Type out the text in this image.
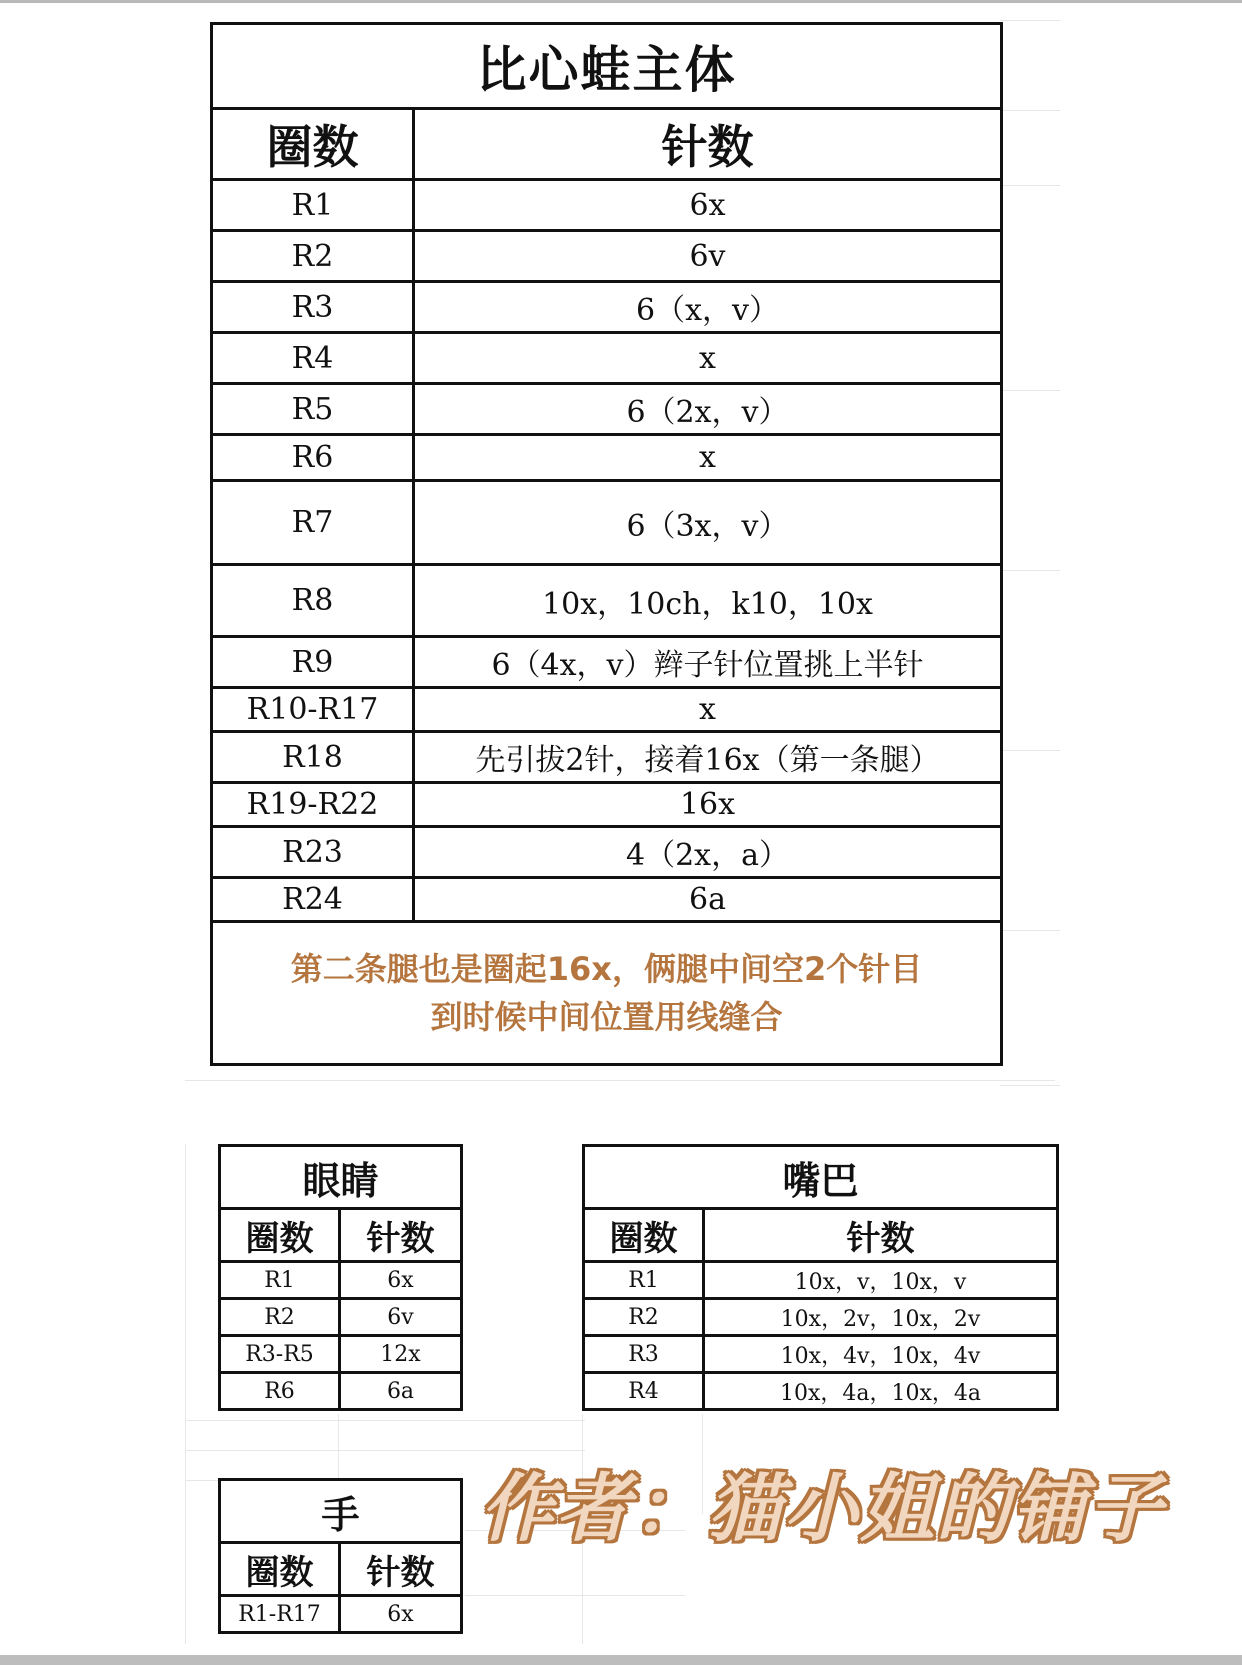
比心蛙主体	
圈数	针数
R1	6x
R2	6v
R3	6（x，v）
R4	x
R5	6（2x，v）
R6	x
R7	6（3x，v）
R8	10x，10ch，k10，10x
R9	6（4x，v）辫子针位置挑上半针
R10-R17	x
R18	先引拔2针，接着16x（第一条腿）
R19-R22	16x
R23	4（2x，a）
R24	6a

第二条腿也是圈起16x，俩腿中间空2个针目
到时候中间位置用线缝合	
眼睛	
圈数	针数
R1	6x
R2	6v
R3-R5	12x
R6	6a
嘴巴	
圈数	针数
R1	10x，v，10x，v
R2	10x，2v，10x，2v
R3	10x，4v，10x，4v
R4	10x，4a，10x，4a
手	
圈数	针数
R1-R17	6x
作者：猫小姐的铺子
